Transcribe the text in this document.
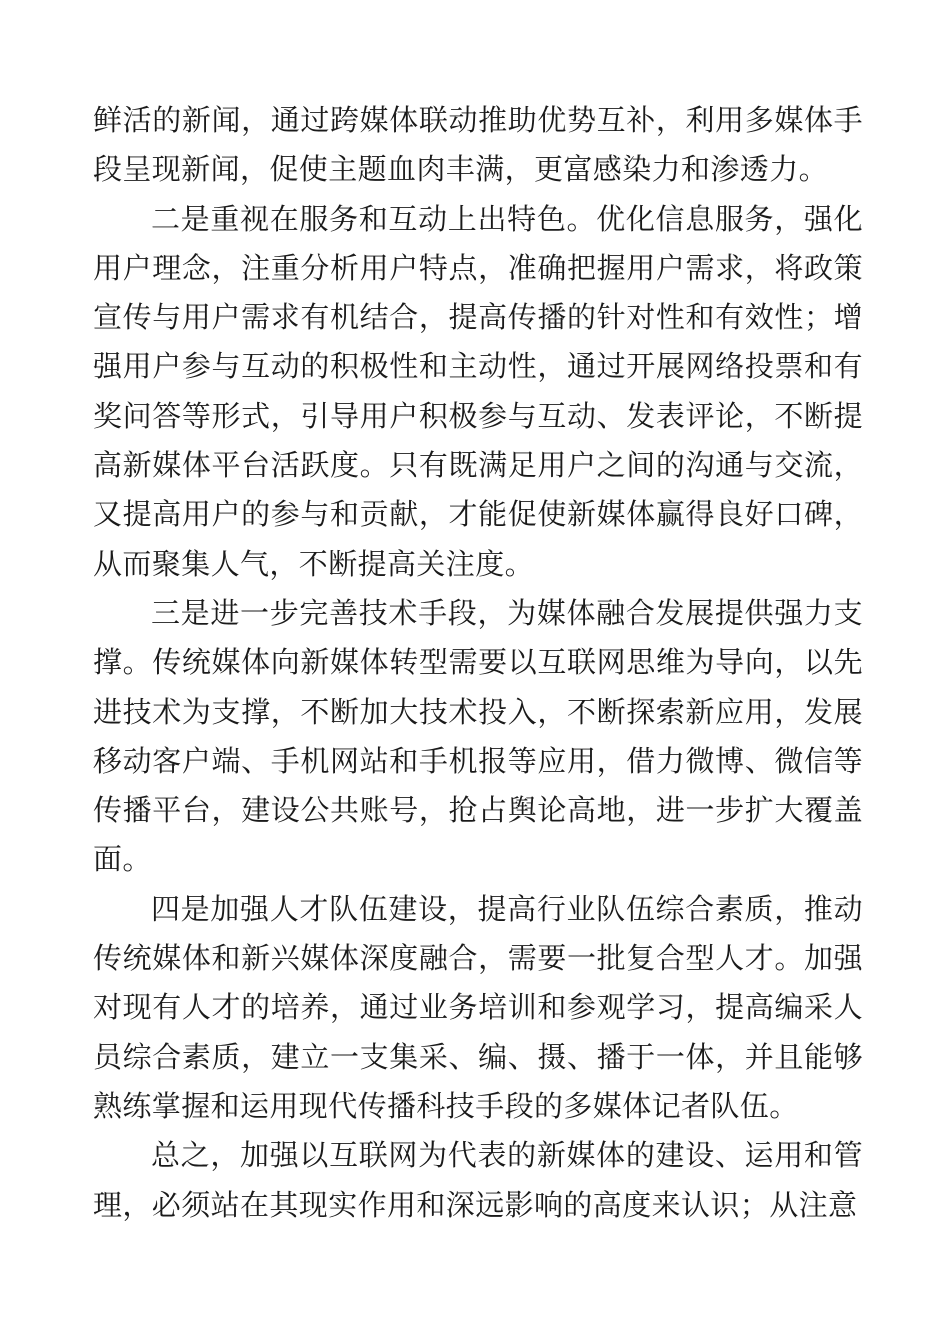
鲜活的新闻，通过跨媒体联动推助优势互补，利用多媒体手段呈现新闻，促使主题血肉丰满，更富感染力和渗透力。

二是重视在服务和互动上出特色。优化信息服务，强化用户理念，注重分析用户特点，准确把握用户需求，将政策宣传与用户需求有机结合，提高传播的针对性和有效性；增强用户参与互动的积极性和主动性，通过开展网络投票和有奖问答等形式，引导用户积极参与互动、发表评论，不断提高新媒体平台活跃度。只有既满足用户之间的沟通与交流，又提高用户的参与和贡献，才能促使新媒体赢得良好口碑，从而聚集人气，不断提高关注度。

三是进一步完善技术手段，为媒体融合发展提供强力支撑。传统媒体向新媒体转型需要以互联网思维为导向，以先进技术为支撑，不断加大技术投入，不断探索新应用，发展移动客户端、手机网站和手机报等应用，借力微博、微信等传播平台，建设公共账号，抢占舆论高地，进一步扩大覆盖面。

四是加强人才队伍建设，提高行业队伍综合素质，推动传统媒体和新兴媒体深度融合，需要一批复合型人才。加强对现有人才的培养，通过业务培训和参观学习，提高编采人员综合素质，建立一支集采、编、摄、播于一体，并且能够熟练掌握和运用现代传播科技手段的多媒体记者队伍。

总之，加强以互联网为代表的新媒体的建设、运用和管理，必须站在其现实作用和深远影响的高度来认识；从注意
